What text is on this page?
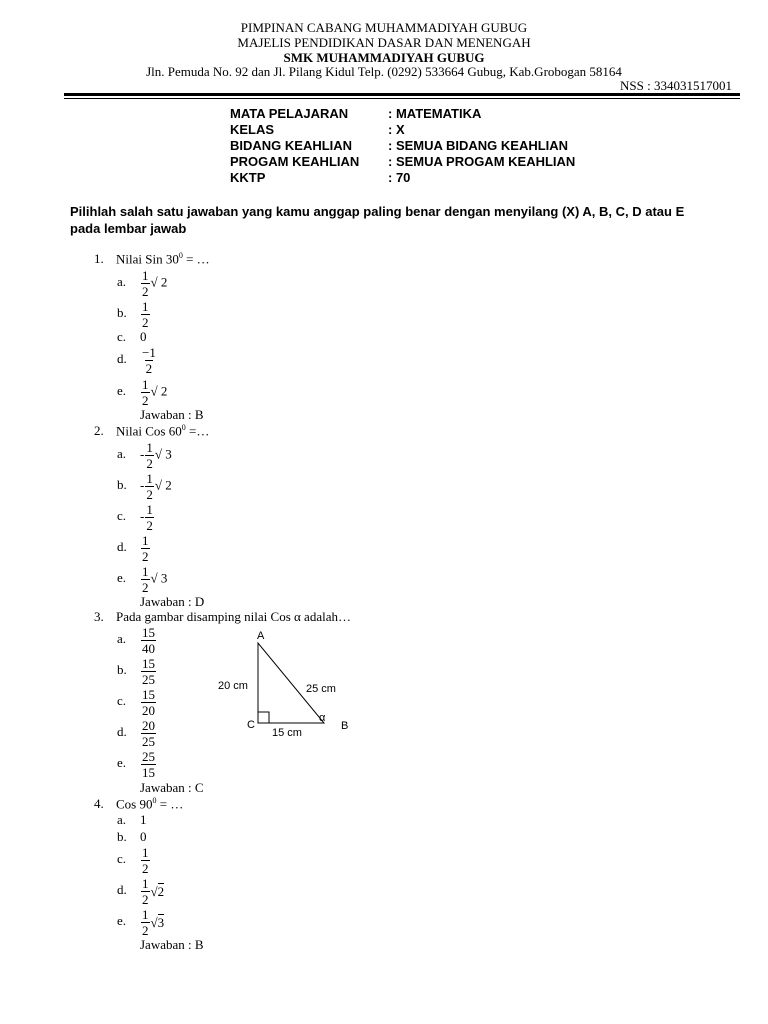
PIMPINAN CABANG MUHAMMADIYAH GUBUG
MAJELIS PENDIDIKAN DASAR DAN MENENGAH
SMK MUHAMMADIYAH GUBUG
Jln. Pemuda No. 92 dan Jl. Pilang Kidul Telp. (0292) 533664 Gubug, Kab.Grobogan 58164
NSS : 334031517001
MATA PELAJARAN	: MATEMATIKA
KELAS	: X
BIDANG KEAHLIAN	: SEMUA BIDANG KEAHLIAN
PROGAM KEAHLIAN : SEMUA PROGAM KEAHLIAN
KKTP	: 70
Pilihlah salah satu jawaban yang kamu anggap paling benar dengan menyilang (X) A, B, C, D atau E pada lembar jawab
1. Nilai Sin $30^0$ = …
a. $\frac{1}{2}$ √ 2
b. $\frac{1}{2}$
c. 0
d. $\frac{-1}{2}$
e. $\frac{1}{2}$ √ 2
Jawaban : B
2. Nilai Cos $60^0$ =…
a. - $\frac{1}{2}$ √ 3
b. - $\frac{1}{2}$ √ 2
c. - $\frac{1}{2}$
d. $\frac{1}{2}$
e. $\frac{1}{2}$ √ 3
Jawaban : D
3. Pada gambar disamping nilai Cos α adalah…
a. $\frac{15}{40}$
b. $\frac{15}{25}$
c. $\frac{15}{20}$
d. $\frac{20}{25}$
e. $\frac{25}{15}$
Jawaban : C
A
B
C
20 cm	25 cm
15 cm
α
4. Cos $90^0$ = …
a. 1
b. 0
c. $\frac{1}{2}$
d. $\frac{1}{2} √2$
e. $\frac{1}{2} √3$
Jawaban : B
